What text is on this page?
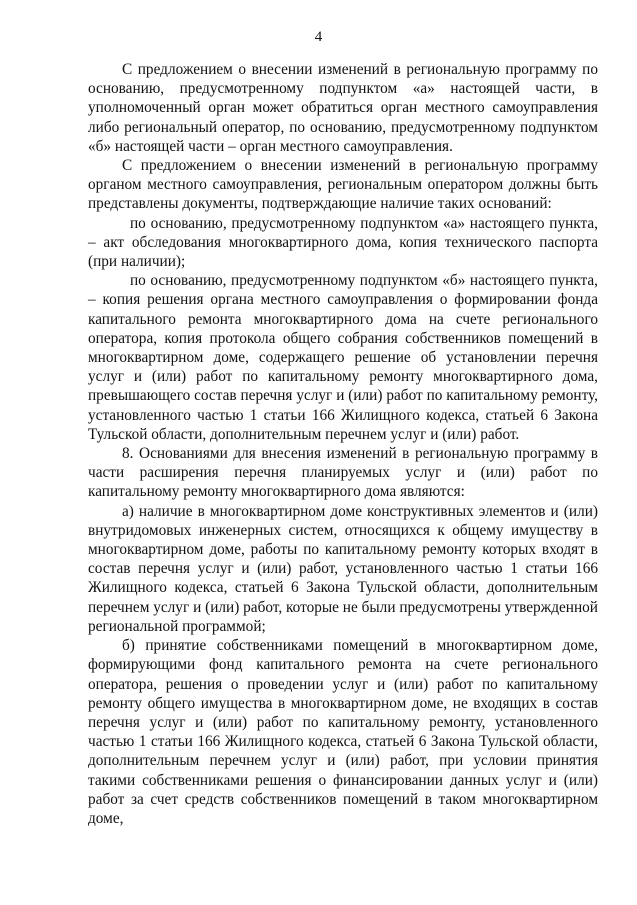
4

С предложением о внесении изменений в региональную программу по основанию, предусмотренному подпунктом «а» настоящей части, в уполномоченный орган может обратиться орган местного самоуправления либо региональный оператор, по основанию, предусмотренному подпунктом «б» настоящей части – орган местного самоуправления.

С предложением о внесении изменений в региональную программу органом местного самоуправления, региональным оператором должны быть представлены документы, подтверждающие наличие таких оснований:

по основанию, предусмотренному подпунктом «а» настоящего пункта, – акт обследования многоквартирного дома, копия технического паспорта (при наличии);

по основанию, предусмотренному подпунктом «б» настоящего пункта, – копия решения органа местного самоуправления о формировании фонда капитального ремонта многоквартирного дома на счете регионального оператора, копия протокола общего собрания собственников помещений в многоквартирном доме, содержащего решение об установлении перечня услуг и (или) работ по капитальному ремонту многоквартирного дома, превышающего состав перечня услуг и (или) работ по капитальному ремонту, установленного частью 1 статьи 166 Жилищного кодекса, статьей 6 Закона Тульской области, дополнительным перечнем услуг и (или) работ.

8. Основаниями для внесения изменений в региональную программу в части расширения перечня планируемых услуг и (или) работ по капитальному ремонту многоквартирного дома являются:

а) наличие в многоквартирном доме конструктивных элементов и (или) внутридомовых инженерных систем, относящихся к общему имуществу в многоквартирном доме, работы по капитальному ремонту которых входят в состав перечня услуг и (или) работ, установленного частью 1 статьи 166 Жилищного кодекса, статьей 6 Закона Тульской области, дополнительным перечнем услуг и (или) работ, которые не были предусмотрены утвержденной региональной программой;

б) принятие собственниками помещений в многоквартирном доме, формирующими фонд капитального ремонта на счете регионального оператора, решения о проведении услуг и (или) работ по капитальному ремонту общего имущества в многоквартирном доме, не входящих в состав перечня услуг и (или) работ по капитальному ремонту, установленного частью 1 статьи 166 Жилищного кодекса, статьей 6 Закона Тульской области, дополнительным перечнем услуг и (или) работ, при условии принятия такими собственниками решения о финансировании данных услуг и (или) работ за счет средств собственников помещений в таком многоквартирном доме,
